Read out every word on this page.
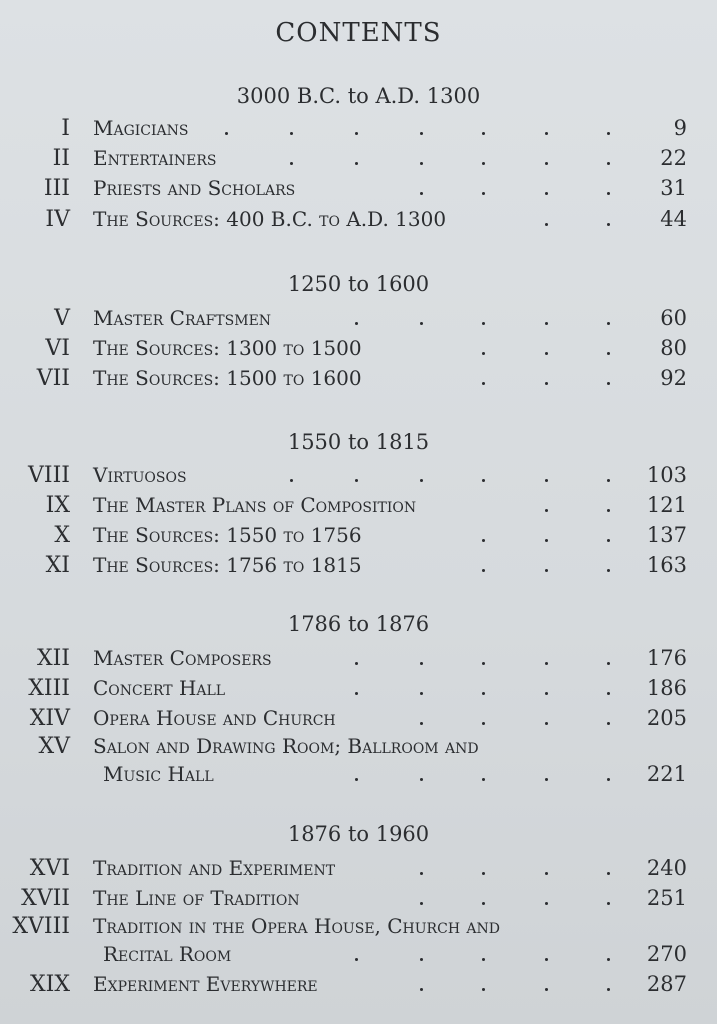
CONTENTS
3000 B.C. to A.D. 1300
I Magicians	9
II Entertainers	22
III Priests and Scholars	31
IV The Sources: 400 B.C. to A.D. 1300	44
1250 to 1600
V Master Craftsmen	60
VI The Sources: 1300 to 1500	80
VII The Sources: 1500 to 1600	92
1550 to 1815
VIII Virtuosos	103
IX The Master Plans of Composition	121
X The Sources: 1550 to 1756	137
XI The Sources: 1756 to 1815	163
1786 to 1876
XII Master Composers	176
XIII Concert Hall	186
XIV Opera House and Church	205
XV Salon and Drawing Room; Ballroom and
Music Hall	221
1876 to 1960
XVI Tradition and Experiment	240
XVII The Line of Tradition	251
XVIII Tradition in the Opera House, Church and
Recital Room	270
XIX Experiment Everywhere	287
